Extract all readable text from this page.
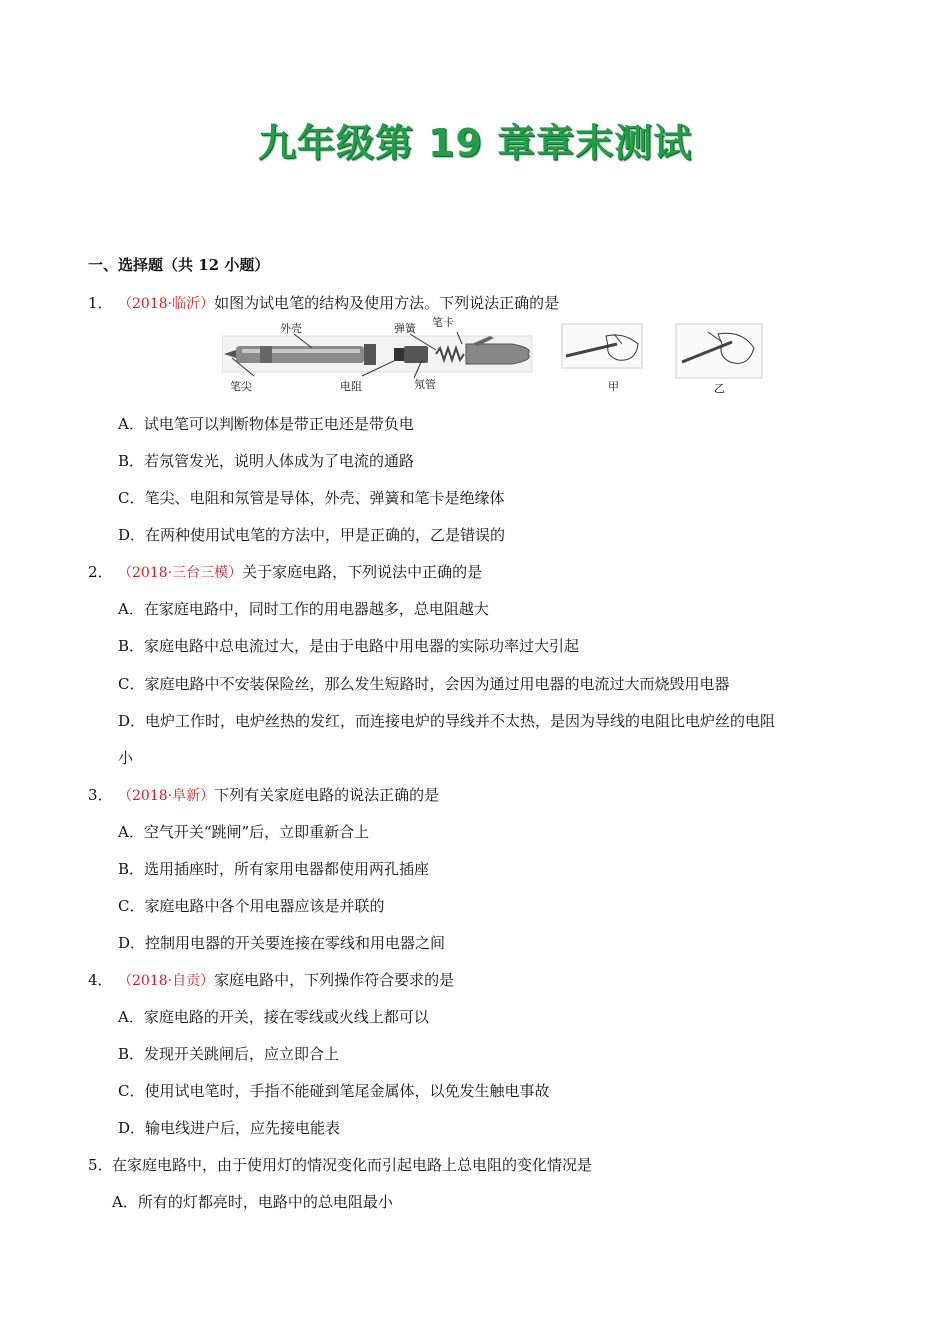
九年级第 19 章章末测试
一、选择题（共 12 小题）
1． （2018·临沂）如图为试电笔的结构及使用方法。下列说法正确的是
外壳	弹簧 笔卡
笔尖	电阻	氖管	甲	乙
A．试电笔可以判断物体是带正电还是带负电
B．若氖管发光，说明人体成为了电流的通路
C．笔尖、电阻和氖管是导体，外壳、弹簧和笔卡是绝缘体
D．在两种使用试电笔的方法中，甲是正确的，乙是错误的
2． （2018·三台三模）关于家庭电路，下列说法中正确的是
A．在家庭电路中，同时工作的用电器越多，总电阻越大
B．家庭电路中总电流过大，是由于电路中用电器的实际功率过大引起
C．家庭电路中不安装保险丝，那么发生短路时，会因为通过用电器的电流过大而烧毁用电器
D．电炉工作时，电炉丝热的发红，而连接电炉的导线并不太热，是因为导线的电阻比电炉丝的电阻
小
3． （2018·阜新）下列有关家庭电路的说法正确的是
A．空气开关“跳闸”后，立即重新合上
B．选用插座时，所有家用电器都使用两孔插座
C．家庭电路中各个用电器应该是并联的
D．控制用电器的开关要连接在零线和用电器之间
4． （2018·自贡）家庭电路中，下列操作符合要求的是
A．家庭电路的开关，接在零线或火线上都可以
B．发现开关跳闸后，应立即合上
C．使用试电笔时，手指不能碰到笔尾金属体，以免发生触电事故
D．输电线进户后，应先接电能表
5．在家庭电路中，由于使用灯的情况变化而引起电路上总电阻的变化情况是
A．所有的灯都亮时，电路中的总电阻最小
